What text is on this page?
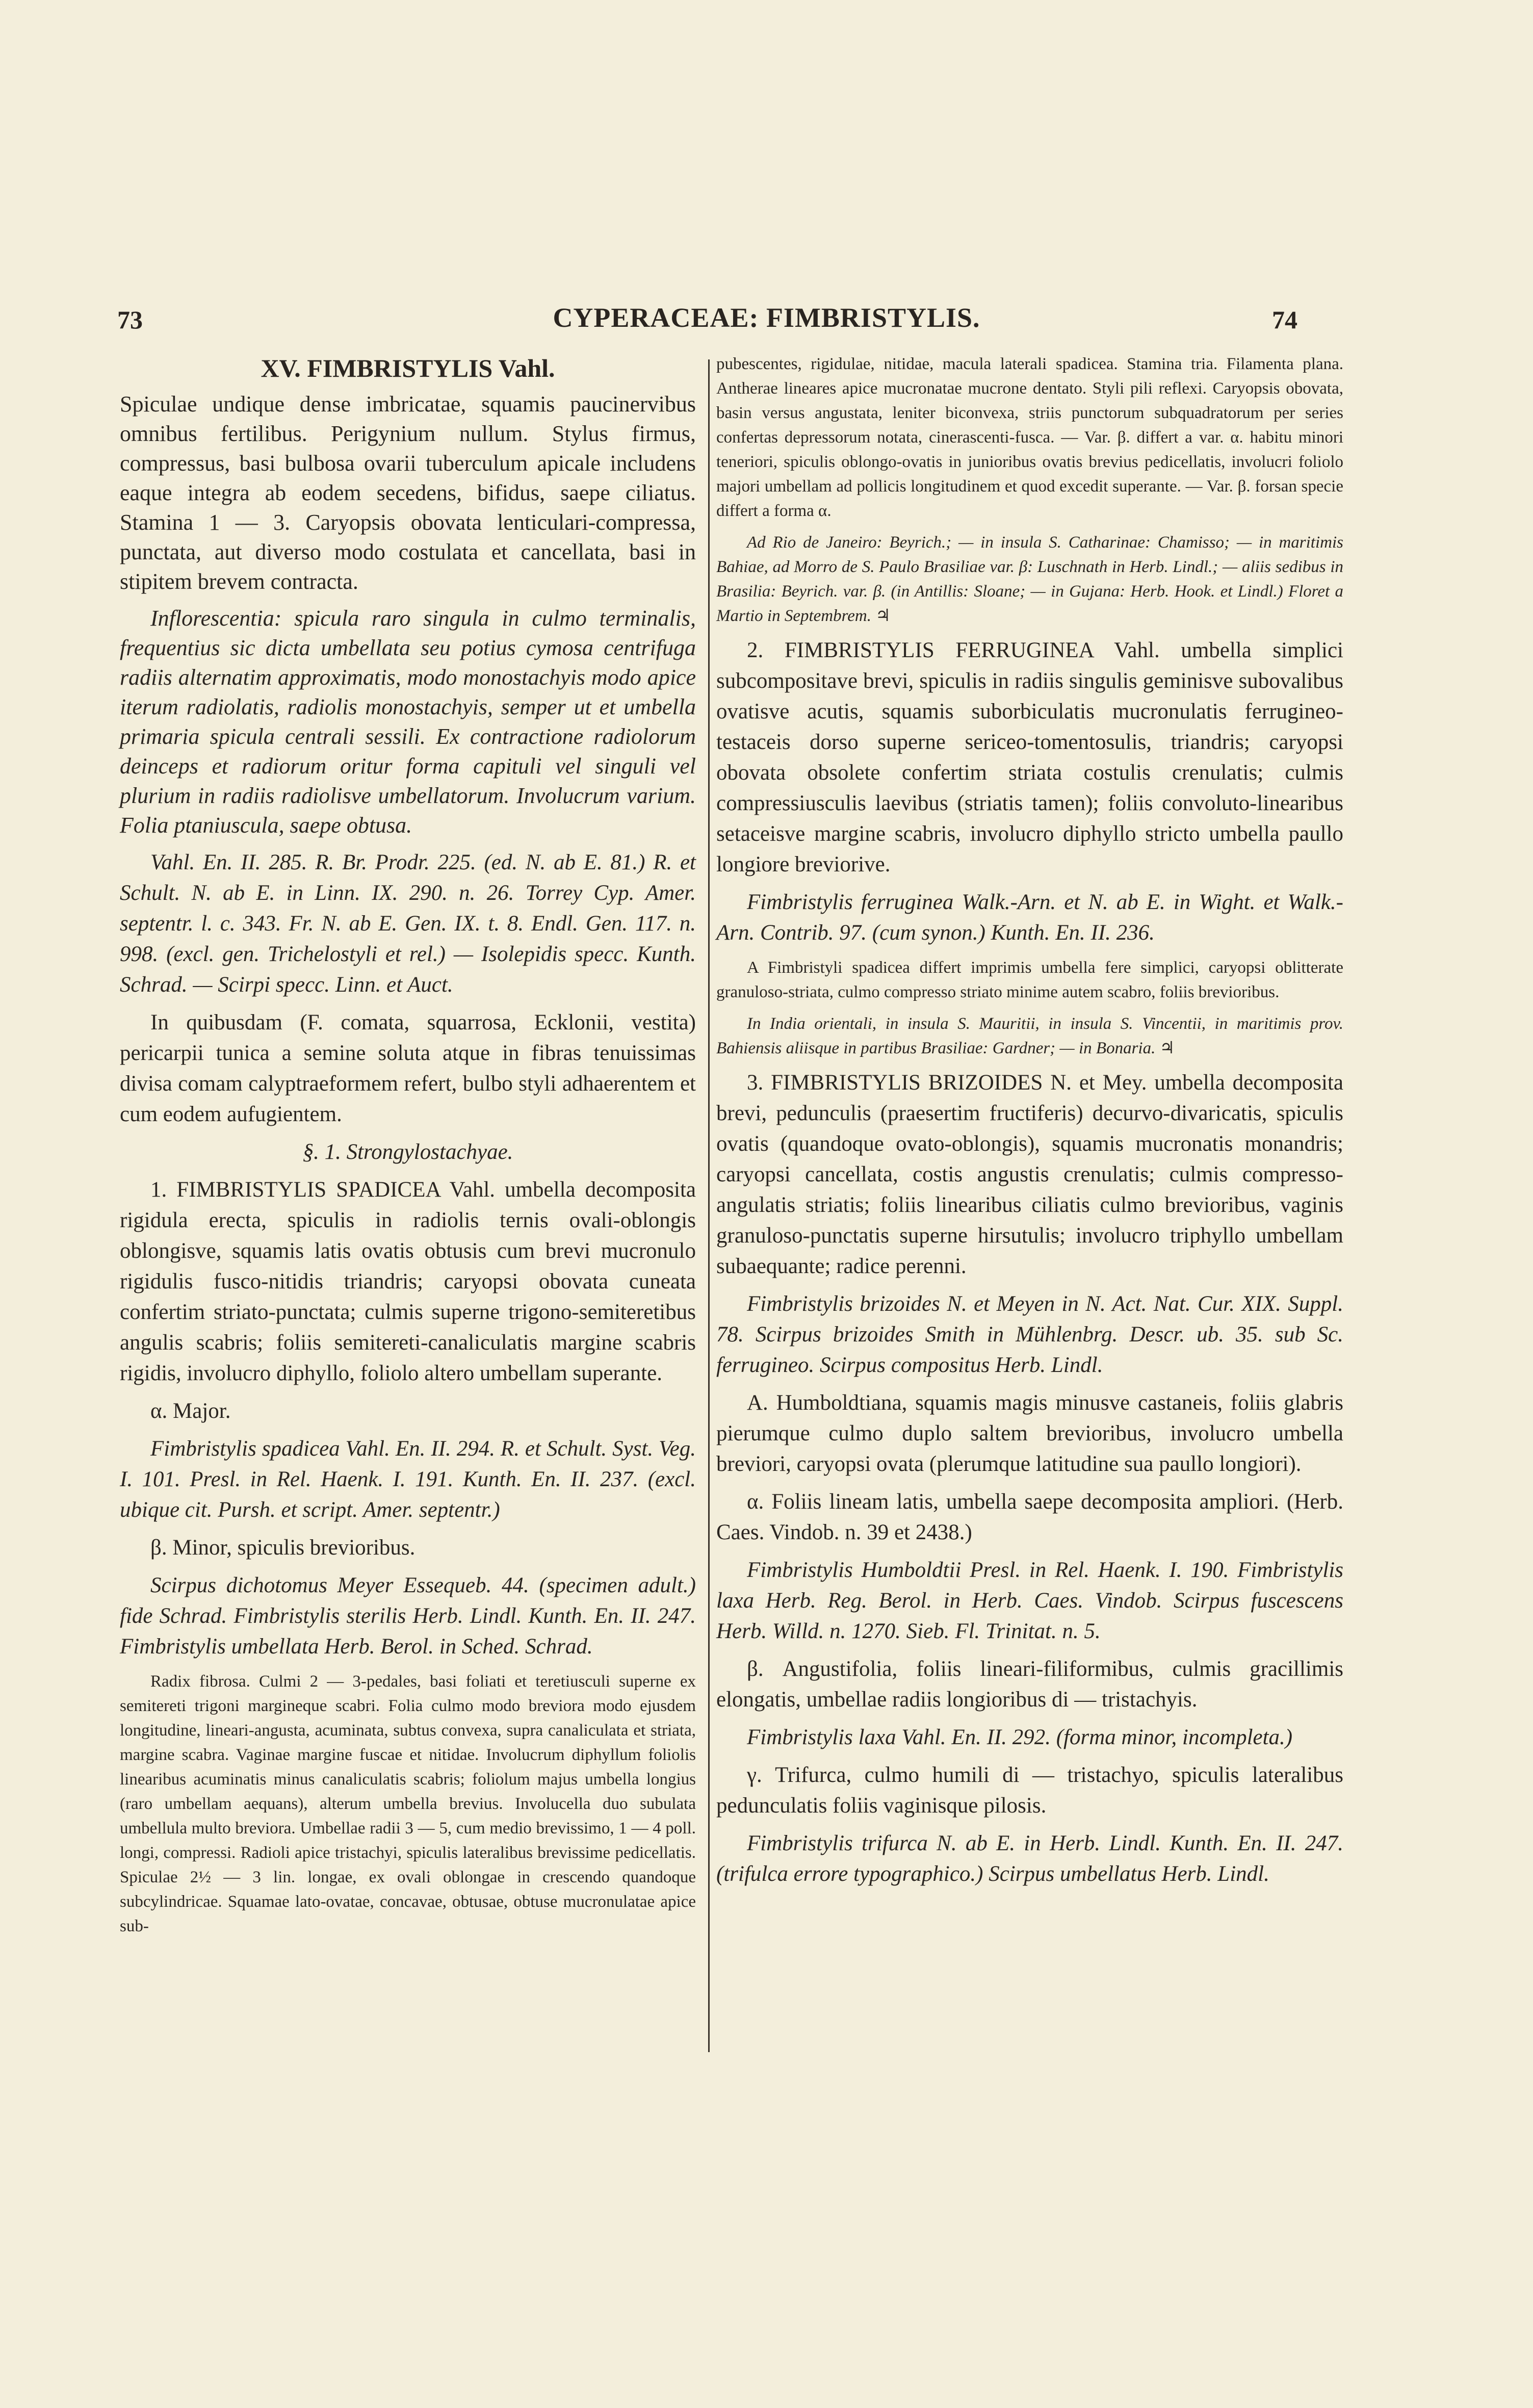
73	CYPERACEAE: FIMBRISTYLIS.	74

XV. FIMBRISTYLIS Vahl.

Spiculae undique dense imbricatae, squamis paucinervibus omnibus fertilibus. Perigynium nullum. Stylus firmus, compressus, basi bulbosa ovarii tuberculum apicale includens eaque integra ab eodem secedens, bifidus, saepe ciliatus. Stamina 1 — 3. Caryopsis obovata lenticulari-compressa, punctata, aut diverso modo costulata et cancellata, basi in stipitem brevem contracta.

Inflorescentia: spicula raro singula in culmo terminalis, frequentius sic dicta umbellata seu potius cymosa centrifuga radiis alternatim approximatis, modo monostachyis modo apice iterum radiolatis, radiolis monostachyis, semper ut et umbella primaria spicula centrali sessili. Ex contractione radiolorum deinceps et radiorum oritur forma capituli vel singuli vel plurium in radiis radiolisve umbellatorum. Involucrum varium. Folia ptaniuscula, saepe obtusa.

Vahl. En. II. 285. R. Br. Prodr. 225. (ed. N. ab E. 81.) R. et Schult. N. ab E. in Linn. IX. 290. n. 26. Torrey Cyp. Amer. septentr. l. c. 343. Fr. N. ab E. Gen. IX. t. 8. Endl. Gen. 117. n. 998. (excl. gen. Trichelostyli et rel.) — Isolepidis specc. Kunth. Schrad. — Scirpi specc. Linn. et Auct.

In quibusdam (F. comata, squarrosa, Ecklonii, vestita) pericarpii tunica a semine soluta atque in fibras tenuissimas divisa comam calyptraeformem refert, bulbo styli adhaerentem et cum eodem aufugientem.

§. 1. Strongylostachyae.

1. FIMBRISTYLIS SPADICEA Vahl. umbella decomposita rigidula erecta, spiculis in radiolis ternis ovali-oblongis oblongisve, squamis latis ovatis obtusis cum brevi mucronulo rigidulis fusco-nitidis triandris; caryopsi obovata cuneata confertim striato-punctata; culmis superne trigono-semiteretibus angulis scabris; foliis semitereti-canaliculatis margine scabris rigidis, involucro diphyllo, foliolo altero umbellam superante.

α. Major.

Fimbristylis spadicea Vahl. En. II. 294. R. et Schult. Syst. Veg. I. 101. Presl. in Rel. Haenk. I. 191. Kunth. En. II. 237. (excl. ubique cit. Pursh. et script. Amer. septentr.)

β. Minor, spiculis brevioribus.

Scirpus dichotomus Meyer Essequeb. 44. (specimen adult.) fide Schrad. Fimbristylis sterilis Herb. Lindl. Kunth. En. II. 247. Fimbristylis umbellata Herb. Berol. in Sched. Schrad.

Radix fibrosa. Culmi 2 — 3-pedales, basi foliati et teretiusculi superne ex semitereti trigoni margineque scabri. Folia culmo modo breviora modo ejusdem longitudine, lineari-angusta, acuminata, subtus convexa, supra canaliculata et striata, margine scabra. Vaginae margine fuscae et nitidae. Involucrum diphyllum foliolis linearibus acuminatis minus canaliculatis scabris; foliolum majus umbella longius (raro umbellam aequans), alterum umbella brevius. Involucella duo subulata umbellula multo breviora. Umbellae radii 3 — 5, cum medio brevissimo, 1 — 4 poll. longi, compressi. Radioli apice tristachyi, spiculis lateralibus brevissime pedicellatis. Spiculae 2½ — 3 lin. longae, ex ovali oblongae in crescendo quandoque subcylindricae. Squamae lato-ovatae, concavae, obtusae, obtuse mucronulatae apice sub-

pubescentes, rigidulae, nitidae, macula laterali spadicea. Stamina tria. Filamenta plana. Antherae lineares apice mucronatae mucrone dentato. Styli pili reflexi. Caryopsis obovata, basin versus angustata, leniter biconvexa, striis punctorum subquadratorum per series confertas depressorum notata, cinerascenti-fusca. — Var. β. differt a var. α. habitu minori teneriori, spiculis oblongo-ovatis in junioribus ovatis brevius pedicellatis, involucri foliolo majori umbellam ad pollicis longitudinem et quod excedit superante. — Var. β. forsan specie differt a forma α.

Ad Rio de Janeiro: Beyrich.; — in insula S. Catharinae: Chamisso; — in maritimis Bahiae, ad Morro de S. Paulo Brasiliae var. β: Luschnath in Herb. Lindl.; — aliis sedibus in Brasilia: Beyrich. var. β. (in Antillis: Sloane; — in Gujana: Herb. Hook. et Lindl.) Floret a Martio in Septembrem. ♃

2. FIMBRISTYLIS FERRUGINEA Vahl. umbella simplici subcompositave brevi, spiculis in radiis singulis geminisve subovalibus ovatisve acutis, squamis suborbiculatis mucronulatis ferrugineo-testaceis dorso superne sericeo-tomentosulis, triandris; caryopsi obovata obsolete confertim striata costulis crenulatis; culmis compressiusculis laevibus (striatis tamen); foliis convoluto-linearibus setaceisve margine scabris, involucro diphyllo stricto umbella paullo longiore breviorive.

Fimbristylis ferruginea Walk.-Arn. et N. ab E. in Wight. et Walk.-Arn. Contrib. 97. (cum synon.) Kunth. En. II. 236.

A Fimbristyli spadicea differt imprimis umbella fere simplici, caryopsi oblitterate granuloso-striata, culmo compresso striato minime autem scabro, foliis brevioribus.

In India orientali, in insula S. Mauritii, in insula S. Vincentii, in maritimis prov. Bahiensis aliisque in partibus Brasiliae: Gardner; — in Bonaria. ♃

3. FIMBRISTYLIS BRIZOIDES N. et Mey. umbella decomposita brevi, pedunculis (praesertim fructiferis) decurvo-divaricatis, spiculis ovatis (quandoque ovato-oblongis), squamis mucronatis monandris; caryopsi cancellata, costis angustis crenulatis; culmis compresso-angulatis striatis; foliis linearibus ciliatis culmo brevioribus, vaginis granuloso-punctatis superne hirsutulis; involucro triphyllo umbellam subaequante; radice perenni.

Fimbristylis brizoides N. et Meyen in N. Act. Nat. Cur. XIX. Suppl. 78. Scirpus brizoides Smith in Mühlenbrg. Descr. ub. 35. sub Sc. ferrugineo. Scirpus compositus Herb. Lindl.

A. Humboldtiana, squamis magis minusve castaneis, foliis glabris pierumque culmo duplo saltem brevioribus, involucro umbella breviori, caryopsi ovata (plerumque latitudine sua paullo longiori).

α. Foliis lineam latis, umbella saepe decomposita ampliori. (Herb. Caes. Vindob. n. 39 et 2438.)

Fimbristylis Humboldtii Presl. in Rel. Haenk. I. 190. Fimbristylis laxa Herb. Reg. Berol. in Herb. Caes. Vindob. Scirpus fuscescens Herb. Willd. n. 1270. Sieb. Fl. Trinitat. n. 5.

β. Angustifolia, foliis lineari-filiformibus, culmis gracillimis elongatis, umbellae radiis longioribus di — tristachyis.

Fimbristylis laxa Vahl. En. II. 292. (forma minor, incompleta.)

γ. Trifurca, culmo humili di — tristachyo, spiculis lateralibus pedunculatis foliis vaginisque pilosis.

Fimbristylis trifurca N. ab E. in Herb. Lindl. Kunth. En. II. 247. (trifulca errore typographico.) Scirpus umbellatus Herb. Lindl.
